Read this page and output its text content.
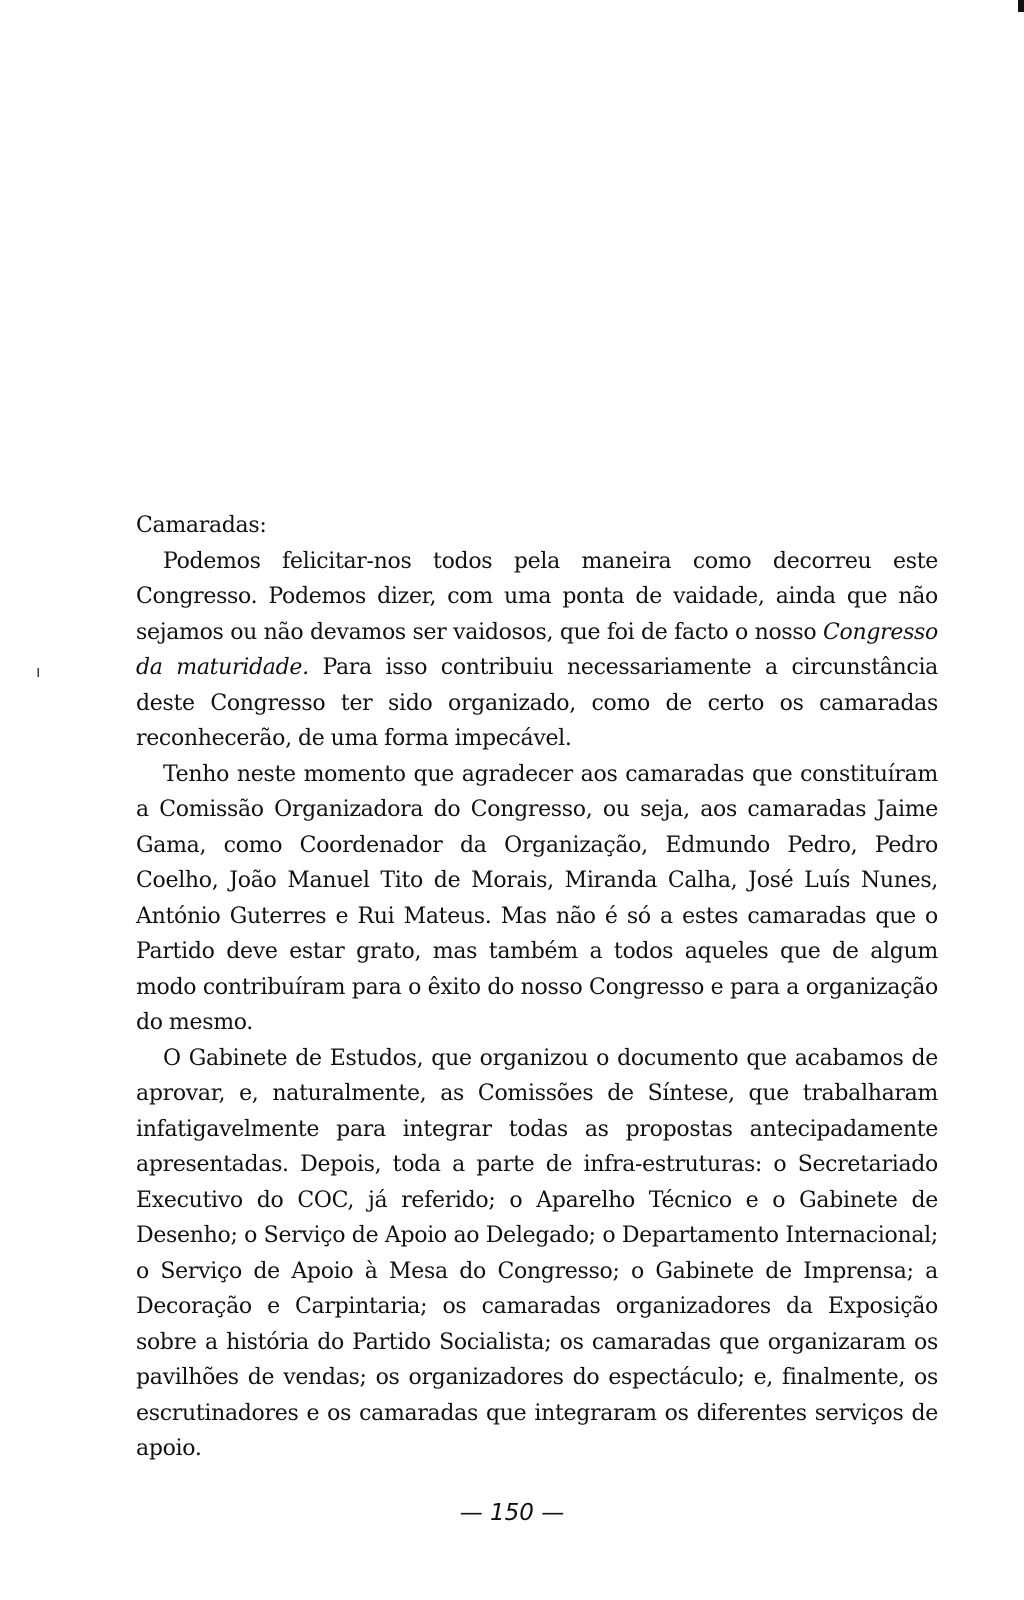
ı

Camaradas:

Podemos felicitar-nos todos pela maneira como decorreu este Congresso. Podemos dizer, com uma ponta de vaidade, ainda que não sejamos ou não devamos ser vaidosos, que foi de facto o nosso Congresso da maturidade. Para isso contribuiu necessariamente a circunstância deste Congresso ter sido organizado, como de certo os camaradas reconhecerão, de uma forma impecável.

Tenho neste momento que agradecer aos camaradas que constituíram a Comissão Organizadora do Congresso, ou seja, aos camaradas Jaime Gama, como Coordenador da Organização, Edmundo Pedro, Pedro Coelho, João Manuel Tito de Morais, Miranda Calha, José Luís Nunes, António Guterres e Rui Mateus. Mas não é só a estes camaradas que o Partido deve estar grato, mas também a todos aqueles que de algum modo contribuíram para o êxito do nosso Congresso e para a organização do mesmo.

O Gabinete de Estudos, que organizou o documento que acabamos de aprovar, e, naturalmente, as Comissões de Síntese, que trabalharam infatigavelmente para integrar todas as propostas antecipadamente apresentadas. Depois, toda a parte de infra-estruturas: o Secretariado Executivo do COC, já referido; o Aparelho Técnico e o Gabinete de Desenho; o Serviço de Apoio ao Delegado; o Departamento Internacional; o Serviço de Apoio à Mesa do Congresso; o Gabinete de Imprensa; a Decoração e Carpintaria; os camaradas organizadores da Exposição sobre a história do Partido Socialista; os camaradas que organizaram os pavilhões de vendas; os organizadores do espectáculo; e, finalmente, os escrutinadores e os camaradas que integraram os diferentes serviços de apoio.

— 150 —
